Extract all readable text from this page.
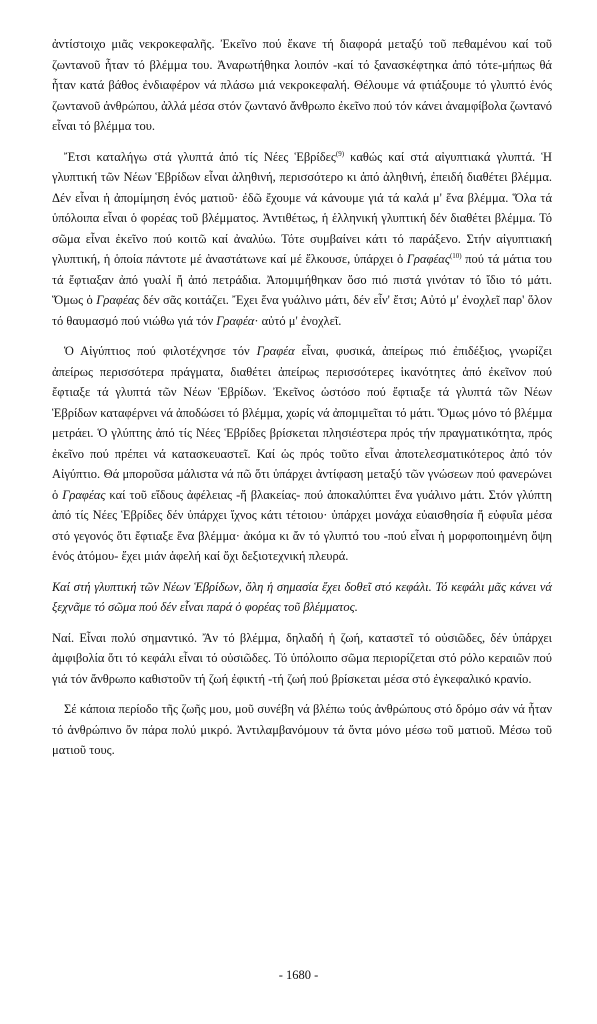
ἀντίστοιχο μιᾶς νεκροκεφαλῆς. Ἐκεῖνο πού ἔκανε τή διαφορά μεταξύ τοῦ πεθαμένου καί τοῦ ζωντανοῦ ἦταν τό βλέμμα του. Ἀναρωτήθηκα λοιπόν -καί τό ξανασκέφτηκα ἀπό τότε-μήπως θά ἦταν κατά βάθος ἐνδιαφέρον νά πλάσω μιά νεκροκεφαλή. Θέλουμε νά φτιάξουμε τό γλυπτό ἑνός ζωντανοῦ ἀνθρώπου, ἀλλά μέσα στόν ζωντανό ἄνθρωπο ἐκεῖνο πού τόν κάνει ἀναμφίβολα ζωντανό εἶναι τό βλέμμα του.

Ἔτσι καταλήγω στά γλυπτά ἀπό τίς Νέες Ἑβρίδες$^{(9)}$ καθώς καί στά αἰγυπτιακά γλυπτά. Ἡ γλυπτική τῶν Νέων Ἑβρίδων εἶναι ἀληθινή, περισσότερο κι ἀπό ἀληθινή, ἐπειδή διαθέτει βλέμμα. Δέν εἶναι ἡ ἀπομίμηση ἑνός ματιοῦ· ἐδῶ ἔχουμε νά κάνουμε γιά τά καλά μ' ἕνα βλέμμα. Ὅλα τά ὑπόλοιπα εἶναι ὁ φορέας τοῦ βλέμματος. Ἀντιθέτως, ἡ ἑλληνική γλυπτική δέν διαθέτει βλέμμα. Τό σῶμα εἶναι ἐκεῖνο πού κοιτῶ καί ἀναλύω. Τότε συμβαίνει κάτι τό παράξενο. Στήν αἰγυπτιακή γλυπτική, ἡ ὁποία πάντοτε μέ ἀναστάτωνε καί μέ ἕλκουσε, ὑπάρχει ὁ Γραφέας$^{(10)}$ πού τά μάτια του τά ἔφτιαξαν ἀπό γυαλί ἤ ἀπό πετράδια. Ἀπομιμήθηκαν ὅσο πιό πιστά γινόταν τό ἴδιο τό μάτι. Ὅμως ὁ Γραφέας δέν σᾶς κοιτάζει. Ἔχει ἕνα γυάλινο μάτι, δέν εἶν' ἔτσι; Αὐτό μ' ἐνοχλεῖ παρ' ὅλον τό θαυμασμό πού νιώθω γιά τόν Γραφέα· αὐτό μ' ἐνοχλεῖ.

Ὁ Αἰγύπτιος πού φιλοτέχνησε τόν Γραφέα εἶναι, φυσικά, ἀπείρως πιό ἐπιδέξιος, γνωρίζει ἀπείρως περισσότερα πράγματα, διαθέτει ἀπείρως περισσότερες ἱκανότητες ἀπό ἐκεῖνον πού ἔφτιαξε τά γλυπτά τῶν Νέων Ἑβρίδων. Ἐκεῖνος ὡστόσο πού ἔφτιαξε τά γλυπτά τῶν Νέων Ἑβρίδων καταφέρνει νά ἀποδώσει τό βλέμμα, χωρίς νά ἀπομιμεῖται τό μάτι. Ὅμως μόνο τό βλέμμα μετράει. Ὁ γλύπτης ἀπό τίς Νέες Ἑβρίδες βρίσκεται πλησιέστερα πρός τήν πραγματικότητα, πρός ἐκεῖνο πού πρέπει νά κατασκευαστεῖ. Καί ὡς πρός τοῦτο εἶναι ἀποτελεσματικότερος ἀπό τόν Αἰγύπτιο. Θά μποροῦσα μάλιστα νά πῶ ὅτι ὑπάρχει ἀντίφαση μεταξύ τῶν γνώσεων πού φανερώνει ὁ Γραφέας καί τοῦ εἴδους ἀφέλειας -ἤ βλακείας- πού ἀποκαλύπτει ἕνα γυάλινο μάτι. Στόν γλύπτη ἀπό τίς Νέες Ἑβρίδες δέν ὑπάρχει ἴχνος κάτι τέτοιου· ὑπάρχει μονάχα εὐαισθησία ἤ εὐφυΐα μέσα στό γεγονός ὅτι ἔφτιαξε ἕνα βλέμμα· ἀκόμα κι ἄν τό γλυπτό του -πού εἶναι ἡ μορφοποιημένη ὄψη ἑνός ἀτόμου- ἔχει μιάν ἀφελή καί ὄχι δεξιοτεχνική πλευρά.

Καί στή γλυπτική τῶν Νέων Ἑβρίδων, ὅλη ἡ σημασία ἔχει δοθεῖ στό κεφάλι. Τό κεφάλι μᾶς κάνει νά ξεχνᾶμε τό σῶμα πού δέν εἶναι παρά ὁ φορέας τοῦ βλέμματος.

Ναί. Εἶναι πολύ σημαντικό. Ἄν τό βλέμμα, δηλαδή ἡ ζωή, καταστεῖ τό οὐσιῶδες, δέν ὑπάρχει ἀμφιβολία ὅτι τό κεφάλι εἶναι τό οὐσιῶδες. Τό ὑπόλοιπο σῶμα περιορίζεται στό ρόλο κεραιῶν πού γιά τόν ἄνθρωπο καθιστοῦν τή ζωή ἐφικτή -τή ζωή πού βρίσκεται μέσα στό ἐγκεφαλικό κρανίο.

Σέ κάποια περίοδο τῆς ζωῆς μου, μοῦ συνέβη νά βλέπω τούς ἀνθρώπους στό δρόμο σάν νά ἦταν τό ἀνθρώπινο ὄν πάρα πολύ μικρό. Ἀντιλαμβανόμουν τά ὄντα μόνο μέσω τοῦ ματιοῦ. Μέσω τοῦ ματιοῦ τους.

- 1680 -
